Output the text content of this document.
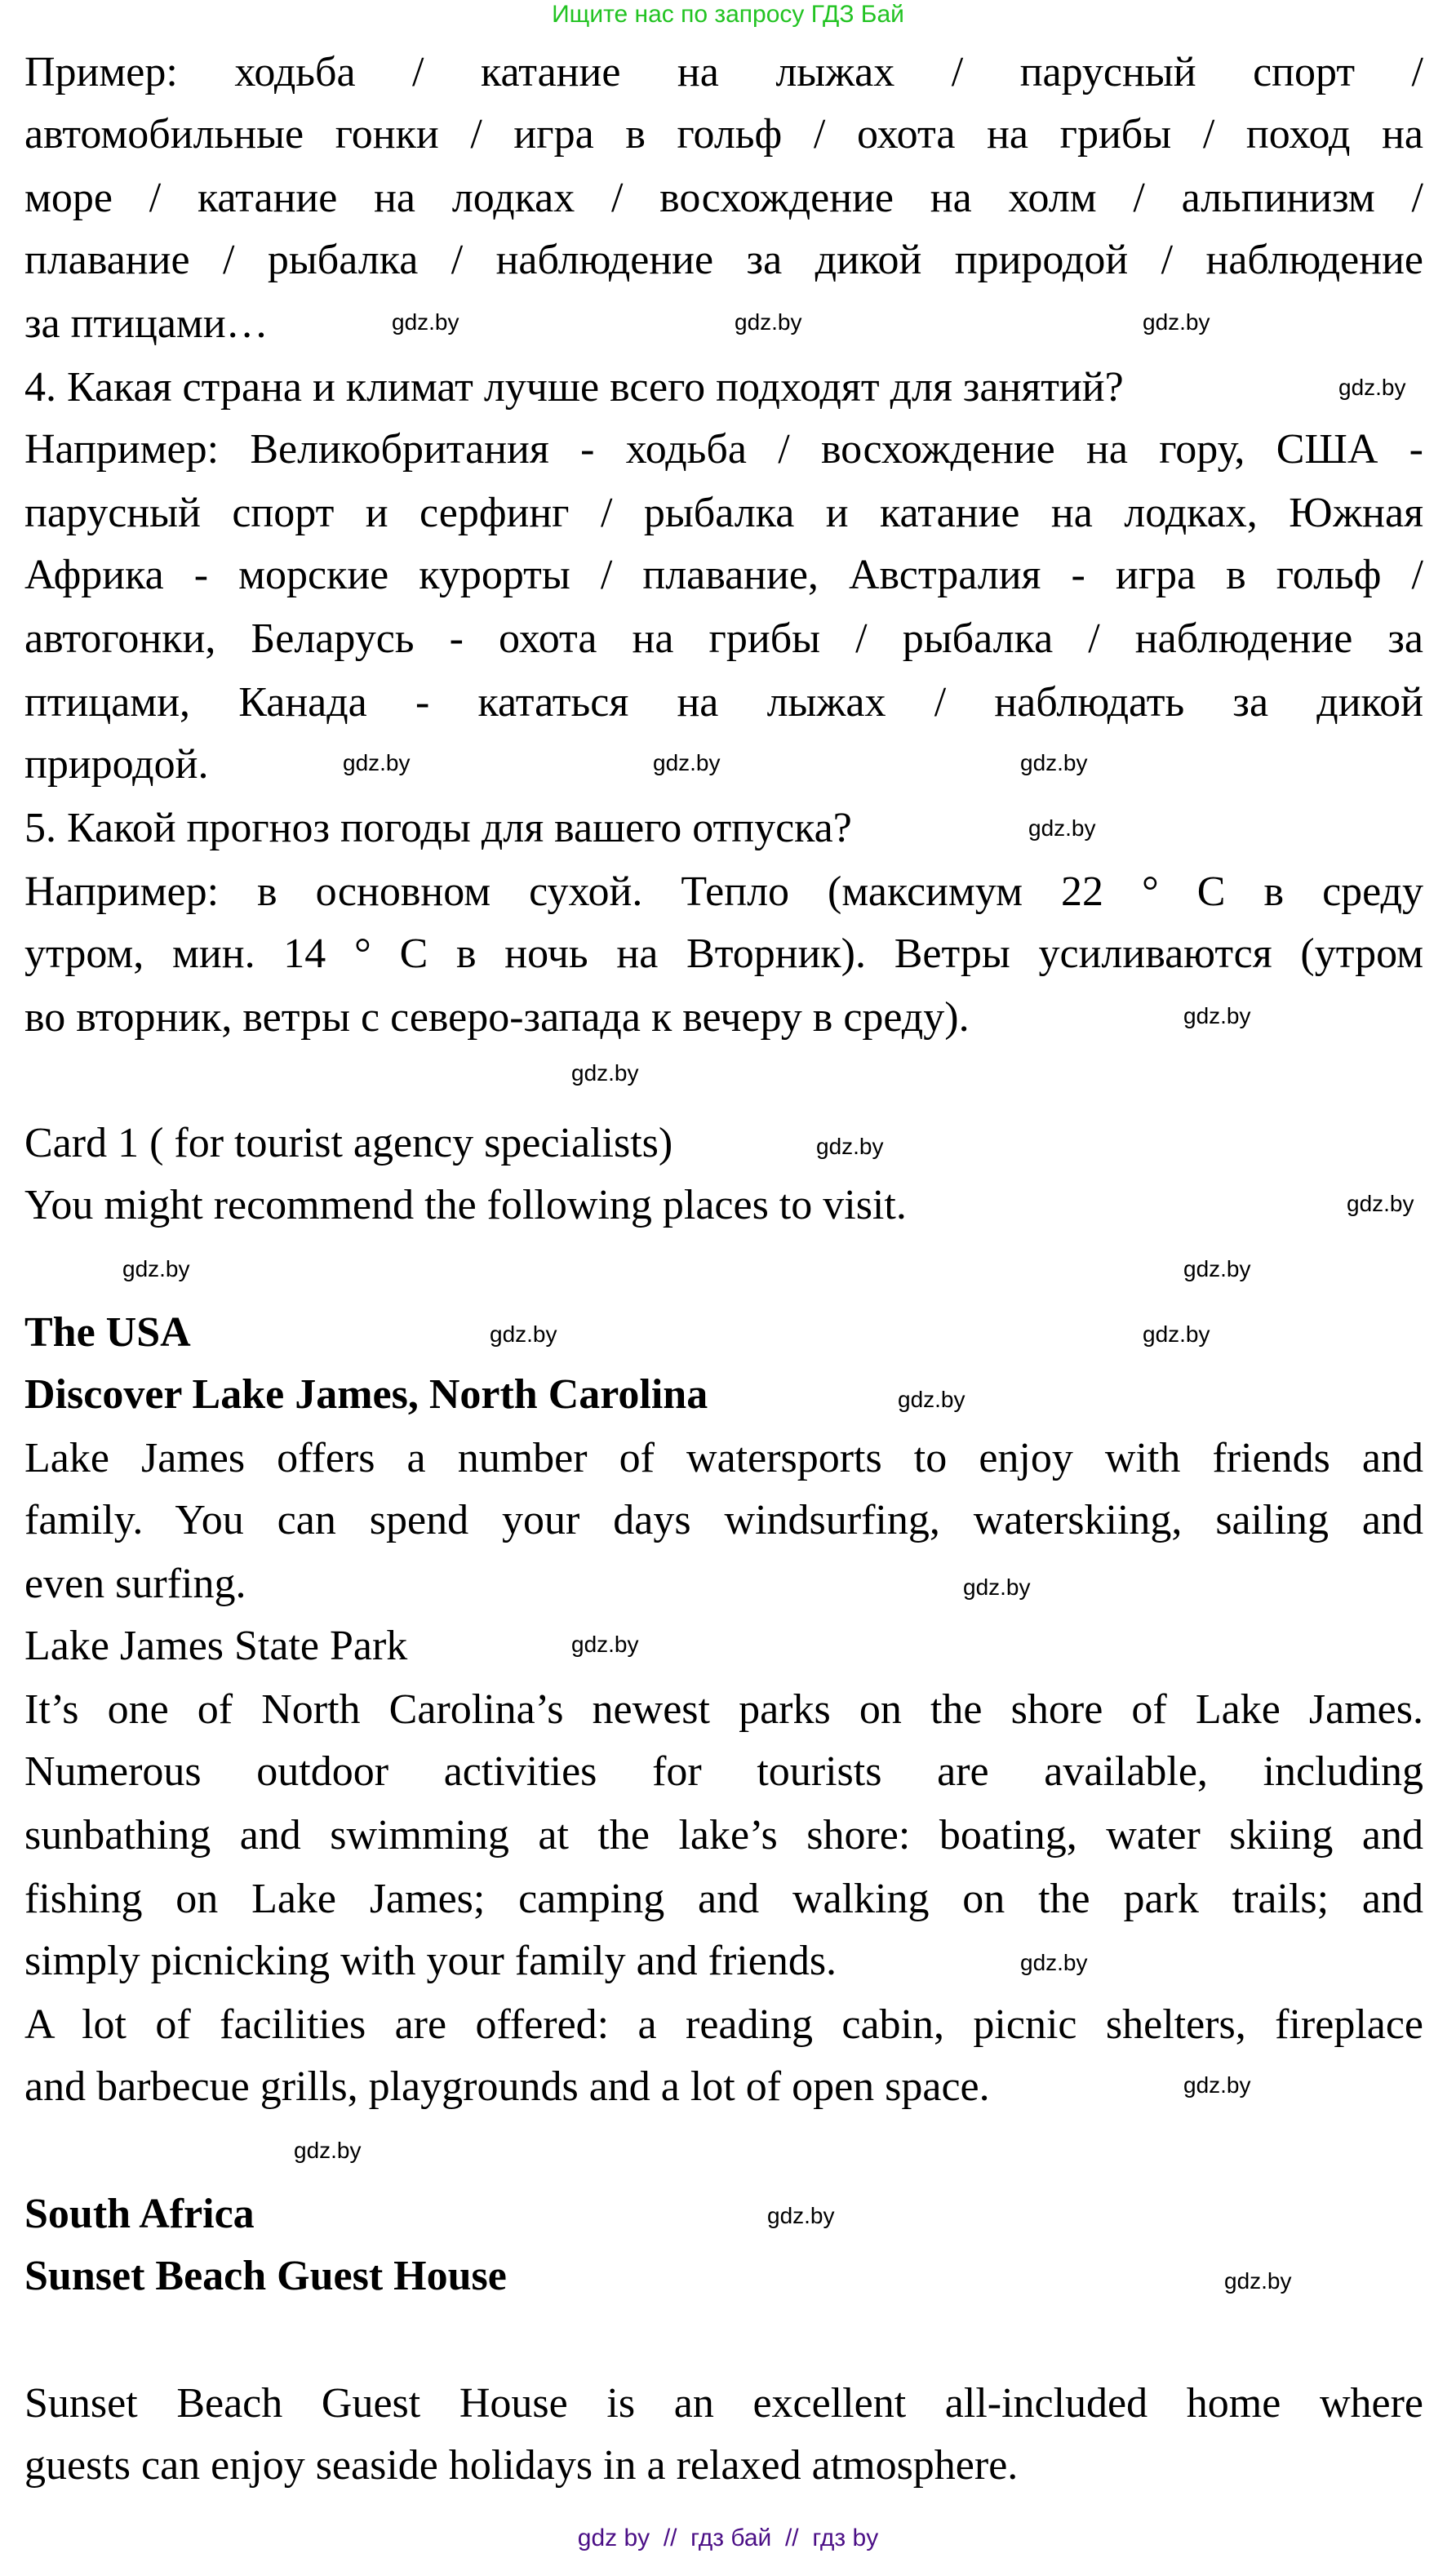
Ищите нас по запросу ГДЗ Бай
Пример: ходьба / катание на лыжах / парусный спорт /
автомобильные гонки / игра в гольф / охота на грибы / поход на
море / катание на лодках / восхождение на холм / альпинизм /
плавание / рыбалка / наблюдение за дикой природой / наблюдение
за птицами…
4. Какая страна и климат лучше всего подходят для занятий?
Например: Великобритания - ходьба / восхождение на гору, США -
парусный спорт и серфинг / рыбалка и катание на лодках, Южная
Африка - морские курорты / плавание, Австралия - игра в гольф /
автогонки, Беларусь - охота на грибы / рыбалка / наблюдение за
птицами, Канада - кататься на лыжах / наблюдать за дикой
природой.
5. Какой прогноз погоды для вашего отпуска?
Например: в основном сухой. Тепло (максимум 22 ° С в среду
утром, мин. 14 ° С в ночь на Вторник). Ветры усиливаются (утром
во вторник, ветры с северо-запада к вечеру в среду).
Card 1 ( for tourist agency specialists)
You might recommend the following places to visit.
The USA
Discover Lake James, North Carolina
Lake James offers a number of watersports to enjoy with friends and
family. You can spend your days windsurfing, waterskiing, sailing and
even surfing.
Lake James State Park
It’s one of North Carolina’s newest parks on the shore of Lake James.
Numerous outdoor activities for tourists are available, including
sunbathing and swimming at the lake’s shore: boating, water skiing and
fishing on Lake James; camping and walking on the park trails; and
simply picnicking with your family and friends.
A lot of facilities are offered: a reading cabin, picnic shelters, fireplace
and barbecue grills, playgrounds and a lot of open space.
South Africa
Sunset Beach Guest House
Sunset Beach Guest House is an excellent all-included home where
guests can enjoy seaside holidays in a relaxed atmosphere.
gdz.by	gdz.by	gdz.by
gdz.by
gdz.by	gdz.by	gdz.by
gdz.by
gdz.by
gdz.by
gdz.by
gdz.by
gdz.by	gdz.by
gdz.by	gdz.by
gdz.by
gdz.by
gdz.by
gdz.by
gdz.by
gdz.by
gdz.by
gdz.by
gdz by  //  гдз бай  //  гдз by
